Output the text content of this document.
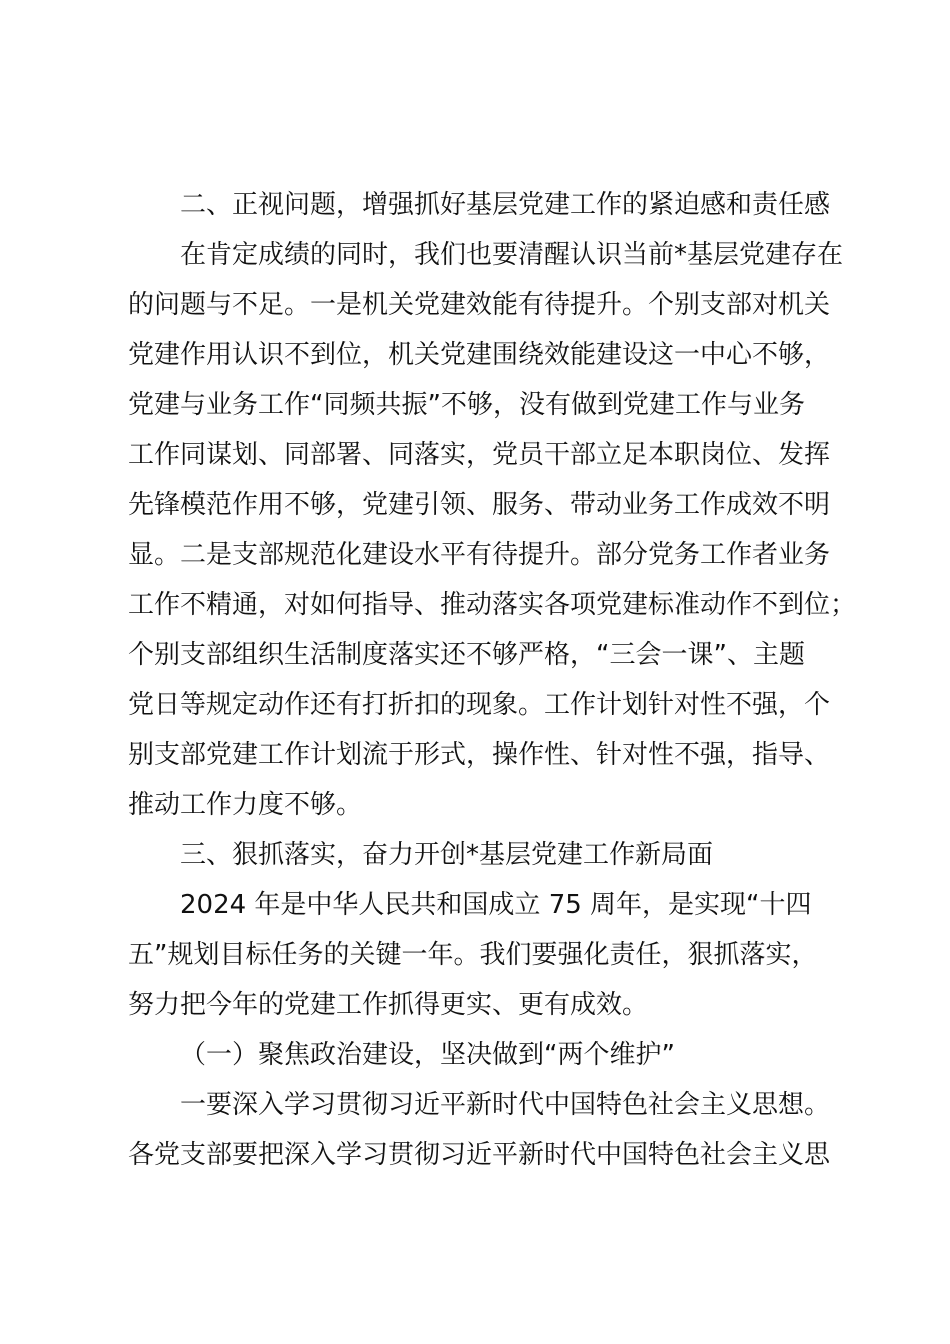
二、正视问题，增强抓好基层党建工作的紧迫感和责任感
在肯定成绩的同时，我们也要清醒认识当前*基层党建存在
的问题与不足。一是机关党建效能有待提升。个别支部对机关
党建作用认识不到位，机关党建围绕效能建设这一中心不够，
党建与业务工作“同频共振”不够，没有做到党建工作与业务
工作同谋划、同部署、同落实，党员干部立足本职岗位、发挥
先锋模范作用不够，党建引领、服务、带动业务工作成效不明
显。二是支部规范化建设水平有待提升。部分党务工作者业务
工作不精通，对如何指导、推动落实各项党建标准动作不到位；
个别支部组织生活制度落实还不够严格，“三会一课”、主题
党日等规定动作还有打折扣的现象。工作计划针对性不强，个
别支部党建工作计划流于形式，操作性、针对性不强，指导、
推动工作力度不够。
三、狠抓落实，奋力开创*基层党建工作新局面
2024 年是中华人民共和国成立 75 周年，是实现“十四
五”规划目标任务的关键一年。我们要强化责任，狠抓落实，
努力把今年的党建工作抓得更实、更有成效。
（一）聚焦政治建设，坚决做到“两个维护”
一要深入学习贯彻习近平新时代中国特色社会主义思想。
各党支部要把深入学习贯彻习近平新时代中国特色社会主义思
